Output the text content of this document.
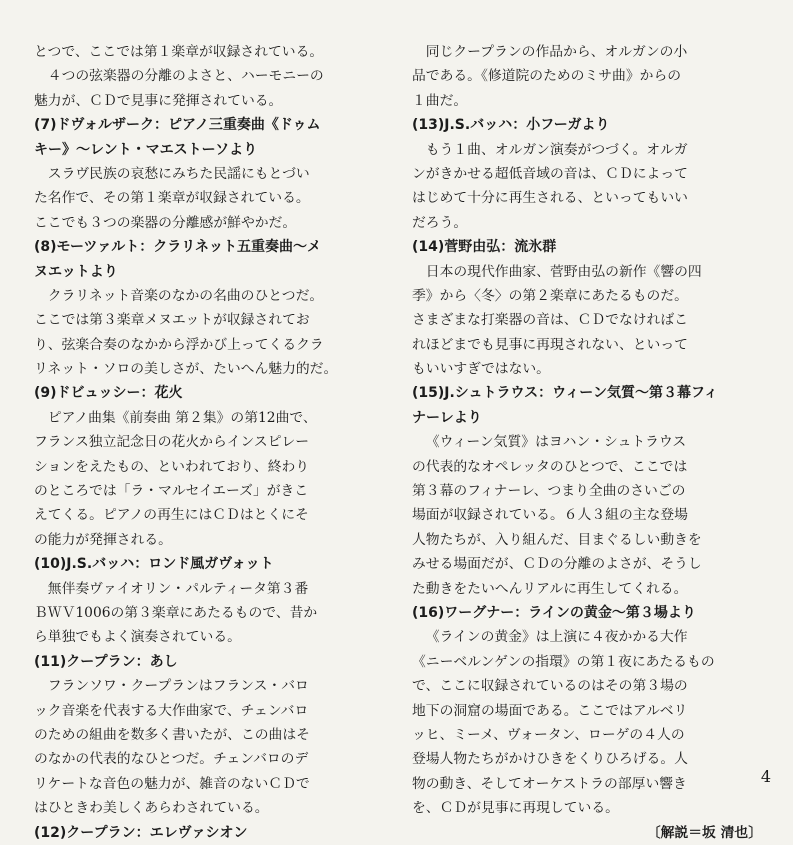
とつで、ここでは第１楽章が収録されている。
４つの弦楽器の分離のよさと、ハーモニーの
魅力が、ＣＤで見事に発揮されている。
(7)ドヴォルザーク：ピアノ三重奏曲《ドゥム
キー》～レント・マエストーソより
スラヴ民族の哀愁にみちた民謡にもとづい
た名作で、その第１楽章が収録されている。
ここでも３つの楽器の分離感が鮮やかだ。
(8)モーツァルト：クラリネット五重奏曲～メ
ヌエットより
クラリネット音楽のなかの名曲のひとつだ。
ここでは第３楽章メヌエットが収録されてお
り、弦楽合奏のなかから浮かび上ってくるクラ
リネット・ソロの美しさが、たいへん魅力的だ。
(9)ドビュッシー：花火
ピアノ曲集《前奏曲 第２集》の第12曲で、
フランス独立記念日の花火からインスピレー
ションをえたもの、といわれており、終わり
のところでは「ラ・マルセイエーズ」がきこ
えてくる。ピアノの再生にはＣＤはとくにそ
の能力が発揮される。
(10)J.S.バッハ：ロンド風ガヴォット
無伴奏ヴァイオリン・パルティータ第３番
ＢＷＶ1006の第３楽章にあたるもので、昔か
ら単独でもよく演奏されている。
(11)クープラン：あし
フランソワ・クープランはフランス・バロ
ック音楽を代表する大作曲家で、チェンバロ
のための組曲を数多く書いたが、この曲はそ
のなかの代表的なひとつだ。チェンバロのデ
リケートな音色の魅力が、雑音のないＣＤで
はひときわ美しくあらわされている。
(12)クープラン：エレヴァシオン
同じクープランの作品から、オルガンの小
品である。《修道院のためのミサ曲》からの
１曲だ。
(13)J.S.バッハ：小フーガより
もう１曲、オルガン演奏がつづく。オルガ
ンがきかせる超低音域の音は、ＣＤによって
はじめて十分に再生される、といってもいい
だろう。
(14)菅野由弘：流氷群
日本の現代作曲家、菅野由弘の新作《響の四
季》から〈冬〉の第２楽章にあたるものだ。
さまざまな打楽器の音は、ＣＤでなければこ
れほどまでも見事に再現されない、といって
もいいすぎではない。
(15)J.シュトラウス：ウィーン気質～第３幕フィ
ナーレより
《ウィーン気質》はヨハン・シュトラウス
の代表的なオペレッタのひとつで、ここでは
第３幕のフィナーレ、つまり全曲のさいごの
場面が収録されている。６人３組の主な登場
人物たちが、入り組んだ、目まぐるしい動きを
みせる場面だが、ＣＤの分離のよさが、そうし
た動きをたいへんリアルに再生してくれる。
(16)ワーグナー：ラインの黄金～第３場より
《ラインの黄金》は上演に４夜かかる大作
《ニーベルンゲンの指環》の第１夜にあたるもの
で、ここに収録されているのはその第３場の
地下の洞窟の場面である。ここではアルベリ
ッヒ、ミーメ、ヴォータン、ローゲの４人の
登場人物たちがかけひきをくりひろげる。人
物の動き、そしてオーケストラの部厚い響き
を、ＣＤが見事に再現している。
〔解説＝坂 清也〕
4
